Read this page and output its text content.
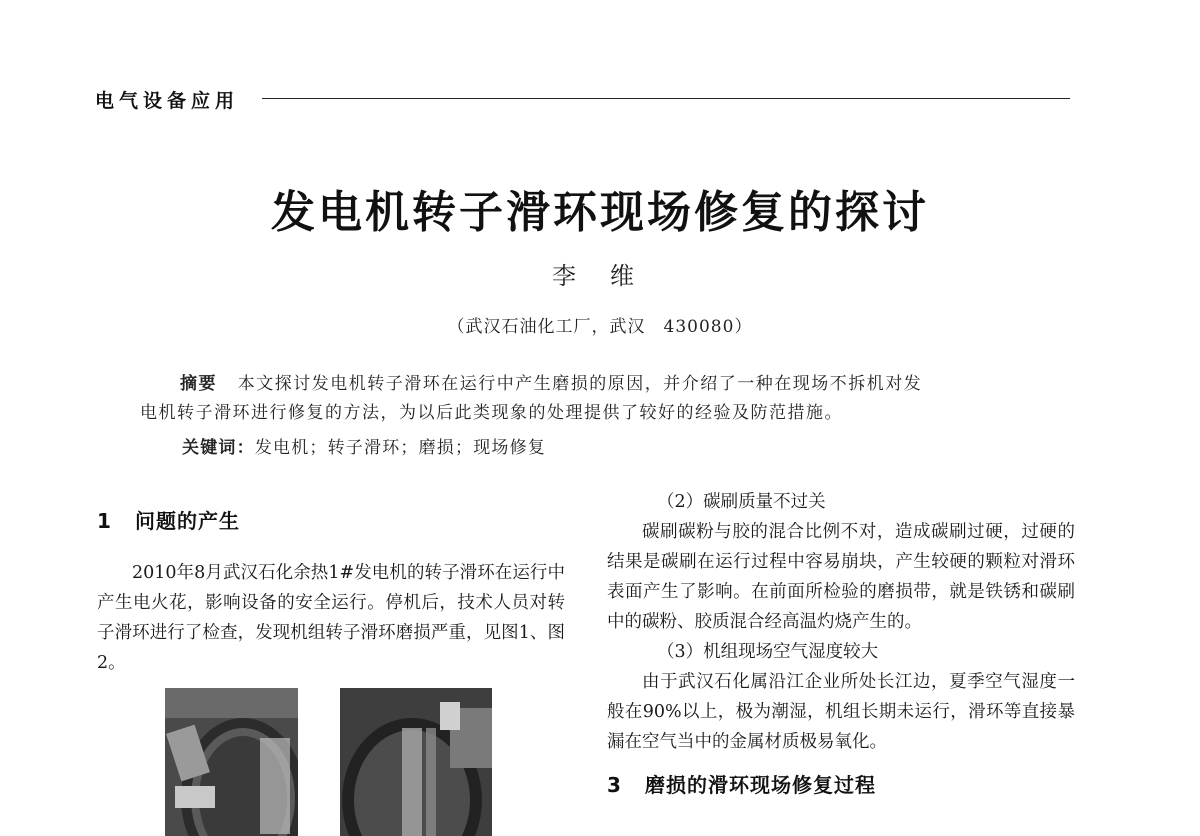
电气设备应用
发电机转子滑环现场修复的探讨
李维
（武汉石油化工厂，武汉　430080）
摘要 本文探讨发电机转子滑环在运行中产生磨损的原因，并介绍了一种在现场不拆机对发
电机转子滑环进行修复的方法，为以后此类现象的处理提供了较好的经验及防范措施。
关键词：发电机；转子滑环；磨损；现场修复
1 问题的产生
2010年8月武汉石化余热1#发电机的转子滑环在运行中产生电火花，影响设备的安全运行。停机后，技术人员对转子滑环进行了检查，发现机组转子滑环磨损严重，见图1、图2。
（2）碳刷质量不过关
碳刷碳粉与胶的混合比例不对，造成碳刷过硬，过硬的结果是碳刷在运行过程中容易崩块，产生较硬的颗粒对滑环表面产生了影响。在前面所检验的磨损带，就是铁锈和碳刷中的碳粉、胶质混合经高温灼烧产生的。
（3）机组现场空气湿度较大
由于武汉石化属沿江企业所处长江边，夏季空气湿度一般在90%以上，极为潮湿，机组长期未运行，滑环等直接暴漏在空气当中的金属材质极易氧化。
3 磨损的滑环现场修复过程
